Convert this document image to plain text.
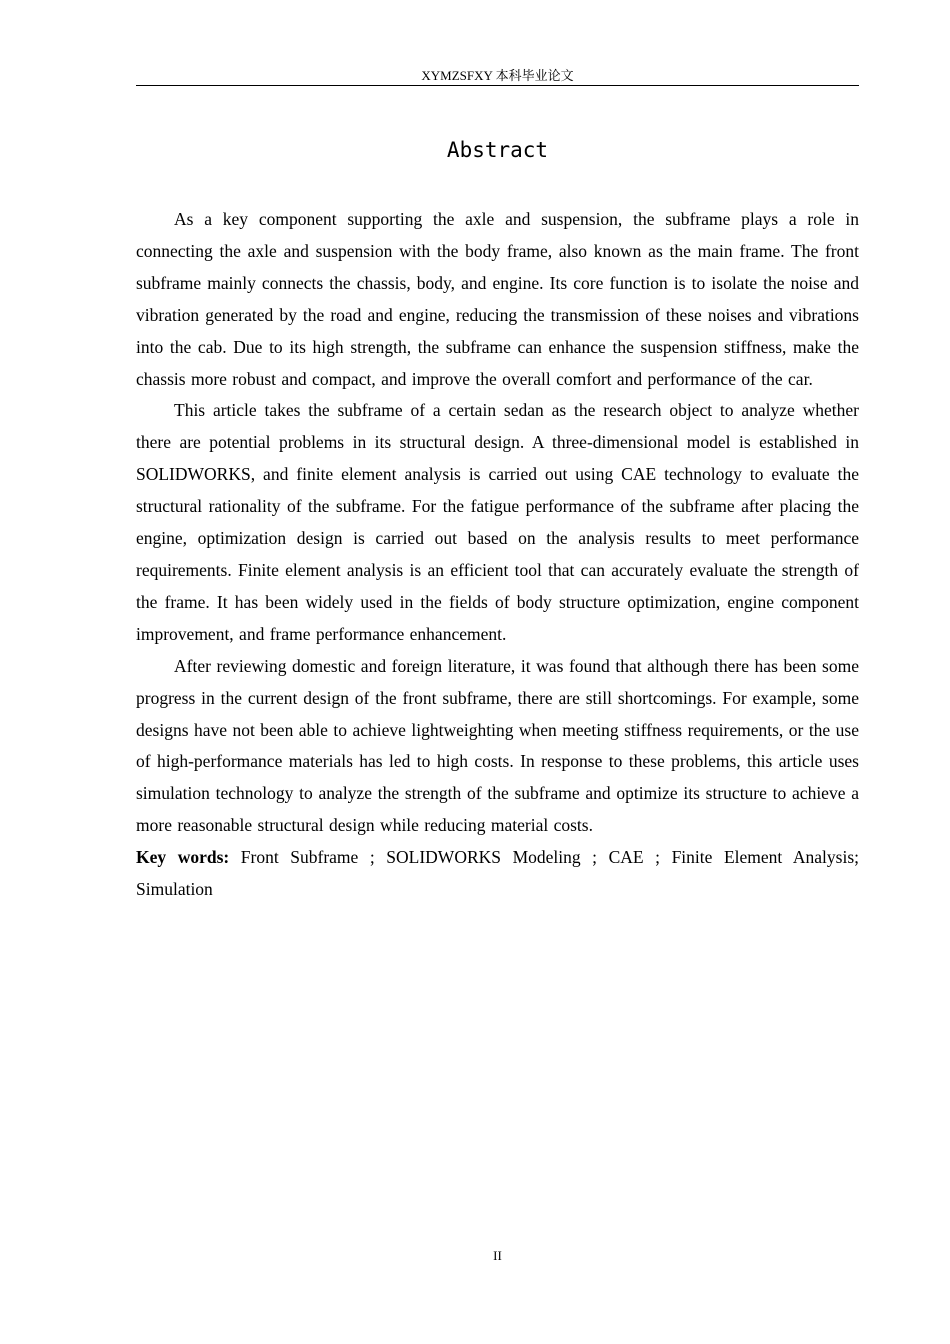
XYMZSFXY 本科毕业论文
Abstract

As a key component supporting the axle and suspension, the subframe plays a role in connecting the axle and suspension with the body frame, also known as the main frame. The front subframe mainly connects the chassis, body, and engine. Its core function is to isolate the noise and vibration generated by the road and engine, reducing the transmission of these noises and vibrations into the cab. Due to its high strength, the subframe can enhance the suspension stiffness, make the chassis more robust and compact, and improve the overall comfort and performance of the car.

This article takes the subframe of a certain sedan as the research object to analyze whether there are potential problems in its structural design. A three-dimensional model is established in SOLIDWORKS, and finite element analysis is carried out using CAE technology to evaluate the structural rationality of the subframe. For the fatigue performance of the subframe after placing the engine, optimization design is carried out based on the analysis results to meet performance requirements. Finite element analysis is an efficient tool that can accurately evaluate the strength of the frame. It has been widely used in the fields of body structure optimization, engine component improvement, and frame performance enhancement.

After reviewing domestic and foreign literature, it was found that although there has been some progress in the current design of the front subframe, there are still shortcomings. For example, some designs have not been able to achieve lightweighting when meeting stiffness requirements, or the use of high-performance materials has led to high costs. In response to these problems, this article uses simulation technology to analyze the strength of the subframe and optimize its structure to achieve a more reasonable structural design while reducing material costs.

Key words: Front Subframe ; SOLIDWORKS Modeling ; CAE ; Finite Element Analysis; Simulation
II
